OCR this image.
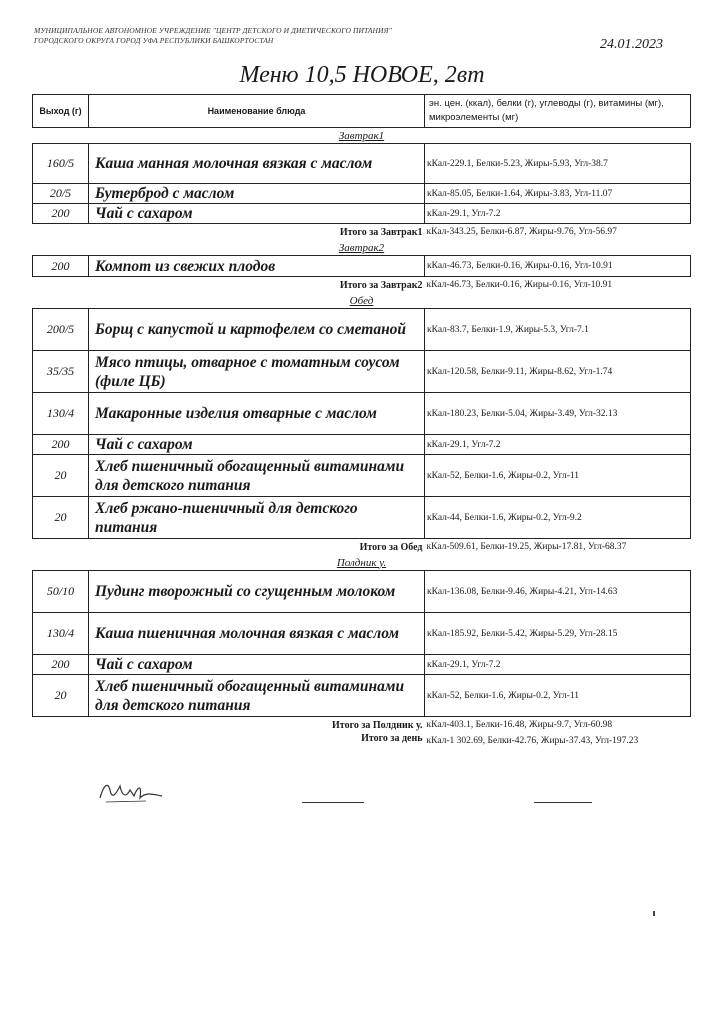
МУНИЦИПАЛЬНОЕ АВТОНОМНОЕ УЧРЕЖДЕНИЕ "ЦЕНТР ДЕТСКОГО И ДИЕТИЧЕСКОГО ПИТАНИЯ" ГОРОДСКОГО ОКРУГА ГОРОД УФА РЕСПУБЛИКИ БАШКОРТОСТАН	24.01.2023
Меню 10,5 НОВОЕ, 2вт
Выход (г)	Наименование блюда	эн. цен. (ккал), белки (г), углеводы (г), витамины (мг), микроэлементы (мг)
Завтрак1		
160/5	Каша манная молочная вязкая с маслом	кКал-229.1, Белки-5.23, Жиры-5.93, Угл-38.7
20/5	Бутерброд с маслом	кКал-85.05, Белки-1.64, Жиры-3.83, Угл-11.07
200	Чай с сахаром	кКал-29.1, Угл-7.2
Итого за Завтрак1		кКал-343.25, Белки-6.87, Жиры-9.76, Угл-56.97
Завтрак2		
200	Компот из свежих плодов	кКал-46.73, Белки-0.16, Жиры-0.16, Угл-10.91
Итого за Завтрак2		кКал-46.73, Белки-0.16, Жиры-0.16, Угл-10.91
Обед		
200/5	Борщ с капустой и картофелем со сметаной	кКал-83.7, Белки-1.9, Жиры-5.3, Угл-7.1
35/35	Мясо птицы, отварное с томатным соусом (филе ЦБ)	кКал-120.58, Белки-9.11, Жиры-8.62, Угл-1.74
130/4	Макаронные изделия отварные с маслом	кКал-180.23, Белки-5.04, Жиры-3.49, Угл-32.13
200	Чай с сахаром	кКал-29.1, Угл-7.2
20	Хлеб пшеничный обогащенный витаминами для детского питания	кКал-52, Белки-1.6, Жиры-0.2, Угл-11
20	Хлеб ржано-пшеничный для детского питания	кКал-44, Белки-1.6, Жиры-0.2, Угл-9.2
Итого за Обед		кКал-509.61, Белки-19.25, Жиры-17.81, Угл-68.37
Полдник у.		
50/10	Пудинг творожный со сгущенным молоком	кКал-136.08, Белки-9.46, Жиры-4.21, Угл-14.63
130/4	Каша пшеничная молочная вязкая с маслом	кКал-185.92, Белки-5.42, Жиры-5.29, Угл-28.15
200	Чай с сахаром	кКал-29.1, Угл-7.2
20	Хлеб пшеничный обогащенный витаминами для детского питания	кКал-52, Белки-1.6, Жиры-0.2, Угл-11
Итого за Полдник у.		кКал-403.1, Белки-16.48, Жиры-9.7, Угл-60.98
Итого за день		кКал-1 302.69, Белки-42.76, Жиры-37.43, Угл-197.23
